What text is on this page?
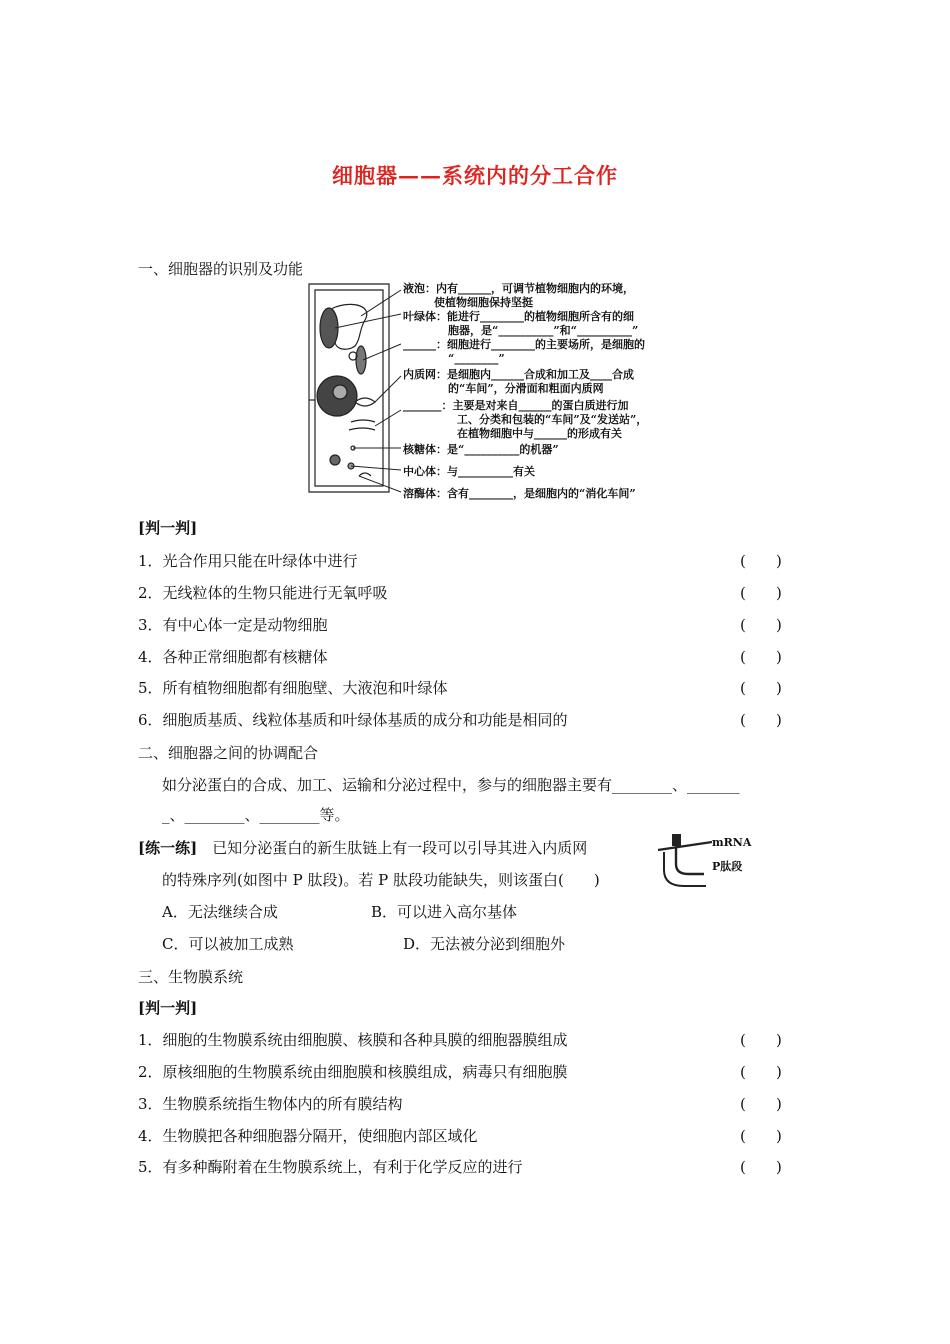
细胞器——系统内的分工合作
一、细胞器的识别及功能
液泡：内有______，可调节植物细胞内的环境，
使植物细胞保持坚挺
叶绿体：能进行________的植物细胞所含有的细
胞器，是“__________”和“__________”
______：细胞进行________的主要场所，是细胞的
“________”
内质网：是细胞内______合成和加工及____合成
的“车间”，分滑面和粗面内质网
_______：主要是对来自______的蛋白质进行加
工、分类和包装的“车间”及“发送站”，
在植物细胞中与______的形成有关
核糖体：是“__________的机器”
中心体：与__________有关
溶酶体：含有________，是细胞内的“消化车间”
[判一判]
1．光合作用只能在叶绿体中进行	( )
2．无线粒体的生物只能进行无氧呼吸	( )
3．有中心体一定是动物细胞	( )
4．各种正常细胞都有核糖体	( )
5．所有植物细胞都有细胞壁、大液泡和叶绿体	( )
6．细胞质基质、线粒体基质和叶绿体基质的成分和功能是相同的	( )
二、细胞器之间的协调配合
如分泌蛋白的合成、加工、运输和分泌过程中，参与的细胞器主要有________、_______
_、________、________等。
[练一练]　已知分泌蛋白的新生肽链上有一段可以引导其进入内质网
的特殊序列(如图中 P 肽段)。若 P 肽段功能缺失，则该蛋白(　　)
mRNA
P肽段
A．无法继续合成	B．可以进入高尔基体
C．可以被加工成熟	D．无法被分泌到细胞外
三、生物膜系统
[判一判]
1．细胞的生物膜系统由细胞膜、核膜和各种具膜的细胞器膜组成	( )
2．原核细胞的生物膜系统由细胞膜和核膜组成，病毒只有细胞膜	( )
3．生物膜系统指生物体内的所有膜结构	( )
4．生物膜把各种细胞器分隔开，使细胞内部区域化	( )
5．有多种酶附着在生物膜系统上，有利于化学反应的进行	( )
